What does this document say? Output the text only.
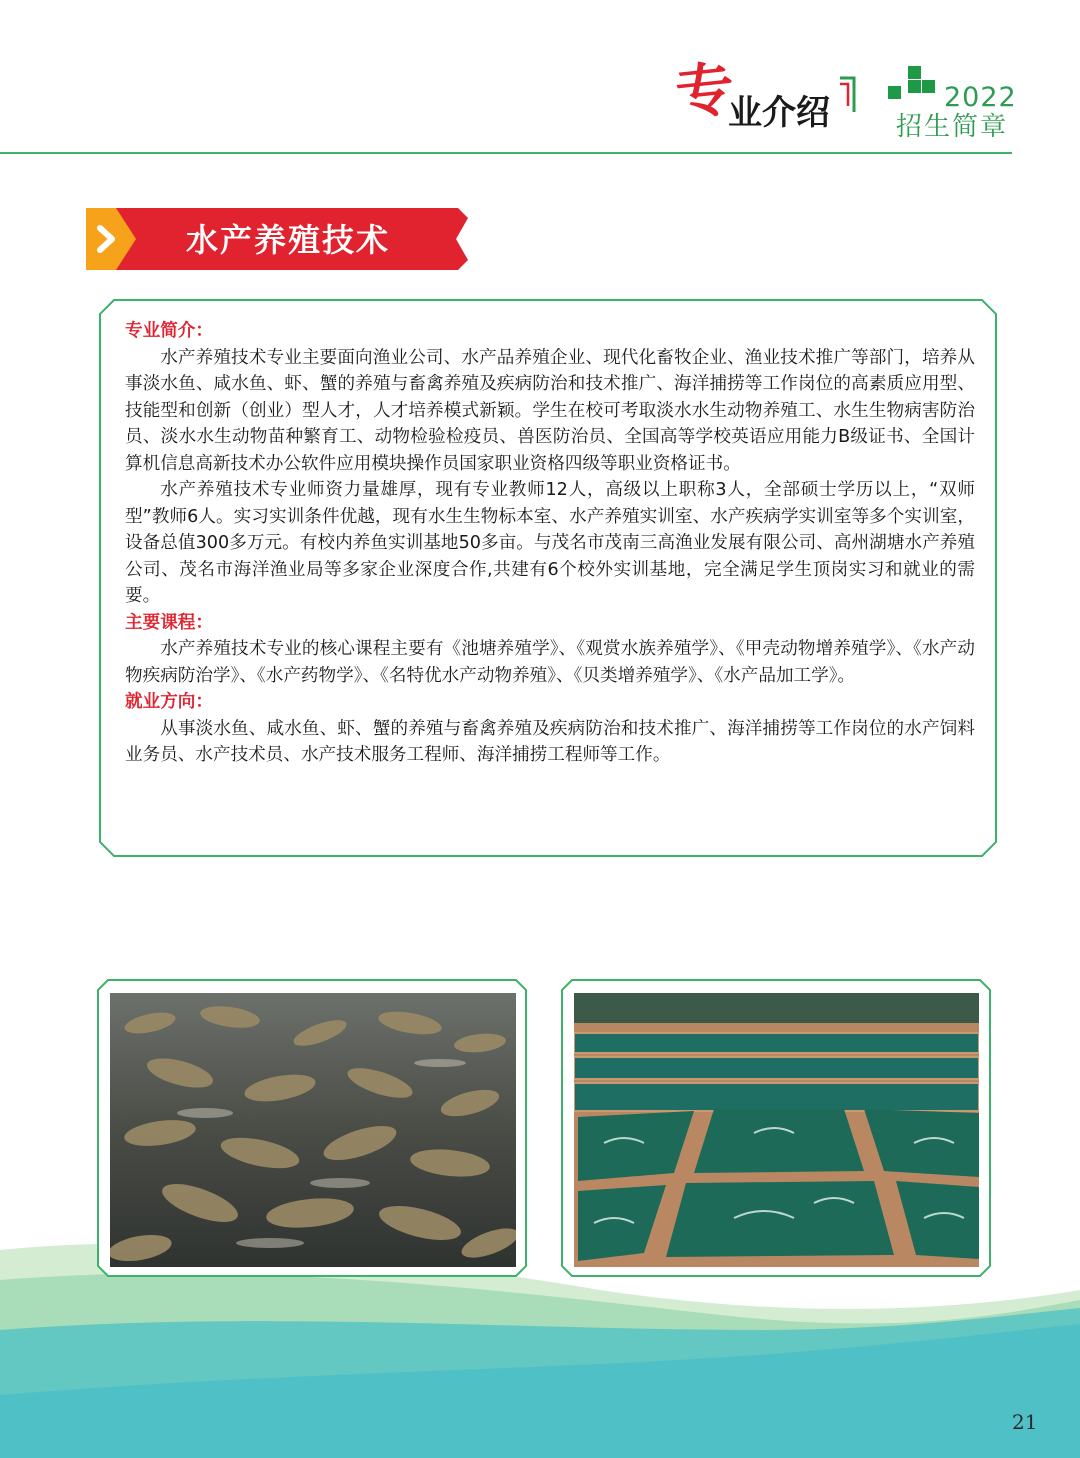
专
业介绍	2022
招生简章
水产养殖技术

专业简介：

水产养殖技术专业主要面向渔业公司、水产品养殖企业、现代化畜牧企业、渔业技术推广等部门，培养从事淡水鱼、咸水鱼、虾、蟹的养殖与畜禽养殖及疾病防治和技术推广、海洋捕捞等工作岗位的高素质应用型、技能型和创新（创业）型人才，人才培养模式新颖。学生在校可考取淡水水生动物养殖工、水生生物病害防治员、淡水水生动物苗种繁育工、动物检验检疫员、兽医防治员、全国高等学校英语应用能力B级证书、全国计算机信息高新技术办公软件应用模块操作员国家职业资格四级等职业资格证书。

水产养殖技术专业师资力量雄厚，现有专业教师12人，高级以上职称3人，全部硕士学历以上，“双师型”教师6人。实习实训条件优越，现有水生生物标本室、水产养殖实训室、水产疾病学实训室等多个实训室，设备总值300多万元。有校内养鱼实训基地50多亩。与茂名市茂南三高渔业发展有限公司、高州湖塘水产养殖公司、茂名市海洋渔业局等多家企业深度合作,共建有6个校外实训基地，完全满足学生顶岗实习和就业的需要。

主要课程：

水产养殖技术专业的核心课程主要有《池塘养殖学》、《观赏水族养殖学》、《甲壳动物增养殖学》、《水产动物疾病防治学》、《水产药物学》、《名特优水产动物养殖》、《贝类增养殖学》、《水产品加工学》。

就业方向：

从事淡水鱼、咸水鱼、虾、蟹的养殖与畜禽养殖及疾病防治和技术推广、海洋捕捞等工作岗位的水产饲料业务员、水产技术员、水产技术服务工程师、海洋捕捞工程师等工作。

21
